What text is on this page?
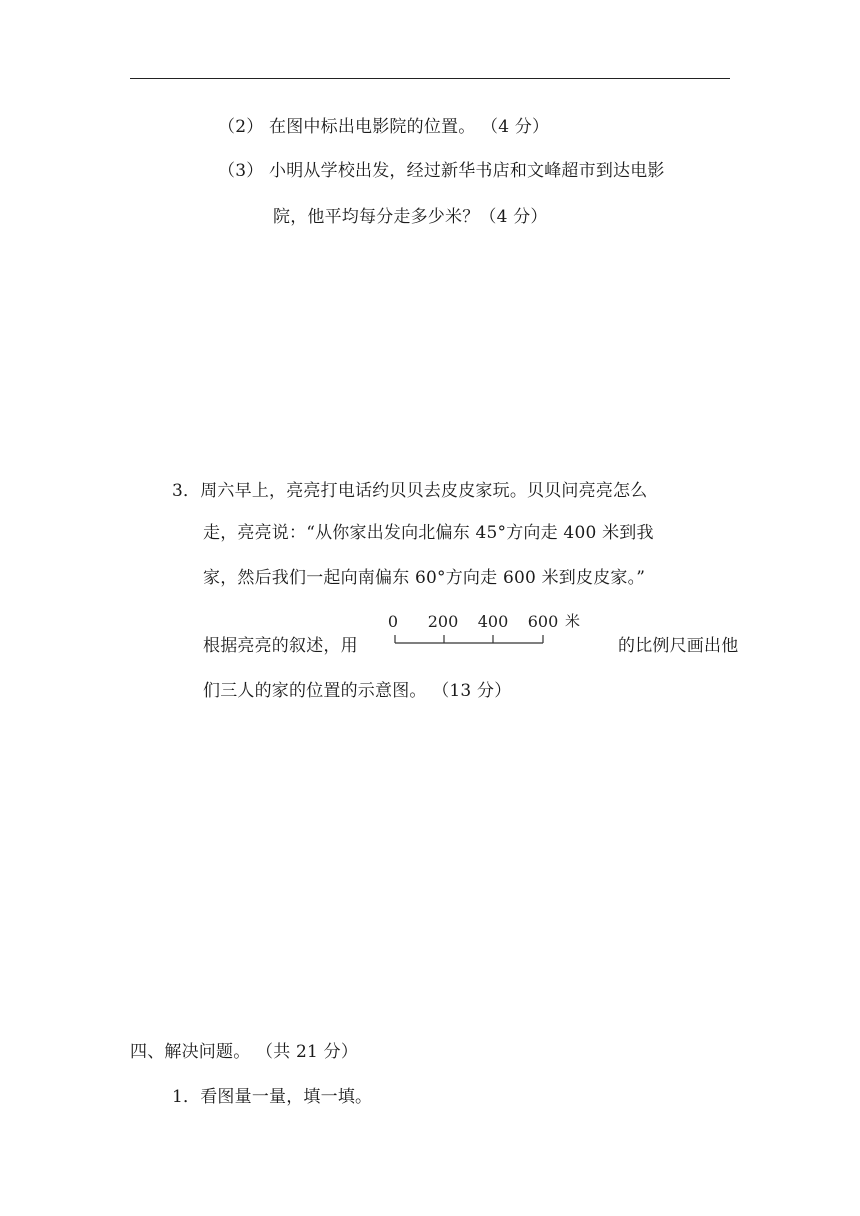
（2） 在图中标出电影院的位置。 （4 分）
（3） 小明从学校出发，经过新华书店和文峰超市到达电影
院，他平均每分走多少米？（4 分）
3．周六早上，亮亮打电话约贝贝去皮皮家玩。贝贝问亮亮怎么
走，亮亮说：“从你家出发向北偏东 45°方向走 400 米到我
家，然后我们一起向南偏东 60°方向走 600 米到皮皮家。”
根据亮亮的叙述，用	的比例尺画出他
们三人的家的位置的示意图。 （13 分）
0 200 400 600 米
四、解决问题。 （共 21 分）
1．看图量一量，填一填。
